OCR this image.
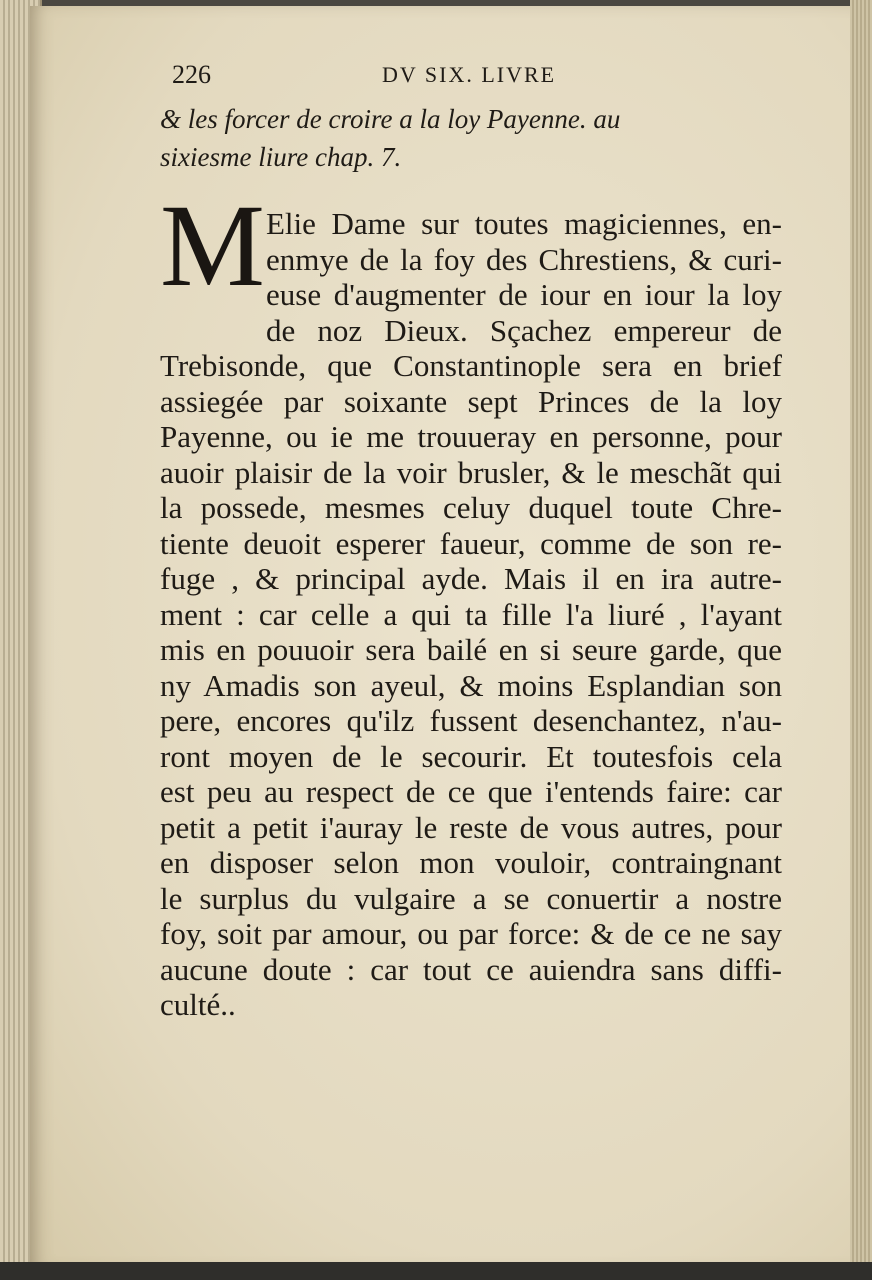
226	DV SIX. LIVRE
& les forcer de croire a la loy Payenne. au
sixiesme liure chap. 7.
M Elie Dame sur toutes magiciennes, en-
enmye de la foy des Chrestiens, & curi-
euse d'augmenter de iour en iour la loy
de noz Dieux. Sçachez empereur de
Trebisonde, que Constantinople sera en brief
assiegée par soixante sept Princes de la loy
Payenne, ou ie me trouueray en personne, pour
auoir plaisir de la voir brusler, & le meschãt qui
la possede, mesmes celuy duquel toute Chre-
tiente deuoit esperer faueur, comme de son re-
fuge , & principal ayde. Mais il en ira autre-
ment : car celle a qui ta fille l'a liuré , l'ayant
mis en pouuoir sera bailé en si seure garde, que
ny Amadis son ayeul, & moins Esplandian son
pere, encores qu'ilz fussent desenchantez, n'au-
ront moyen de le secourir. Et toutesfois cela
est peu au respect de ce que i'entends faire: car
petit a petit i'auray le reste de vous autres, pour
en disposer selon mon vouloir, contraingnant
le surplus du vulgaire a se conuertir a nostre
foy, soit par amour, ou par force: & de ce ne say
aucune doute : car tout ce auiendra sans diffi-
culté..
